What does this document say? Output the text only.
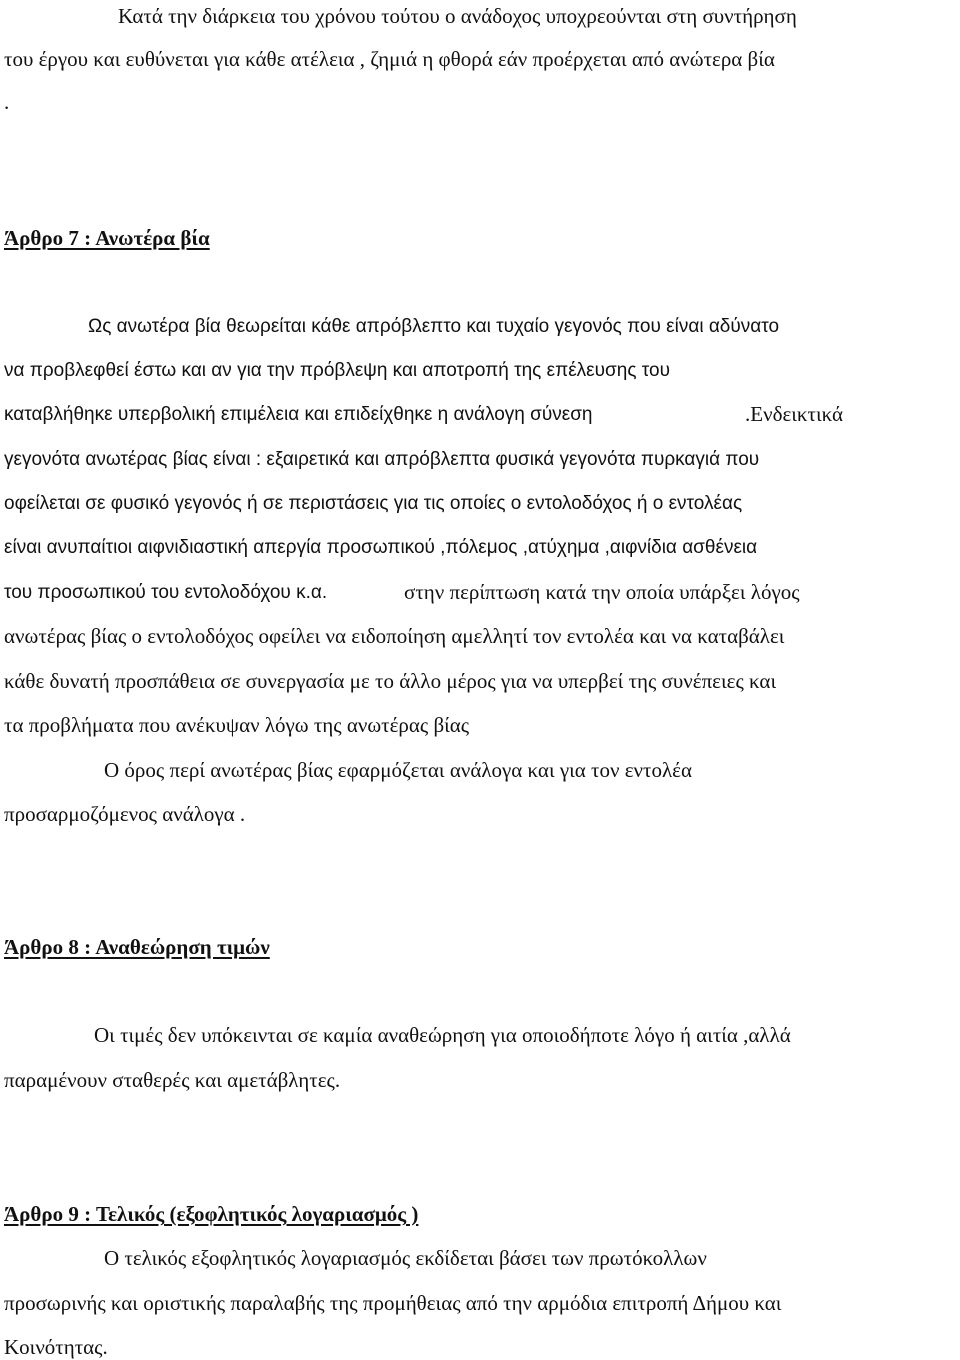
Κατά την διάρκεια του χρόνου τούτου ο ανάδοχος υποχρεούνται στη συντήρηση
του έργου και ευθύνεται για κάθε ατέλεια , ζημιά η φθορά εάν προέρχεται από ανώτερα βία
.
Άρθρο 7 : Ανωτέρα βία
Ως ανωτέρα βία θεωρείται κάθε απρόβλεπτο και τυχαίο γεγονός που είναι αδύνατο
να προβλεφθεί έστω και αν για την πρόβλεψη και αποτροπή της επέλευσης του
καταβλήθηκε υπερβολική επιμέλεια και επιδείχθηκε η ανάλογη σύνεση	.Ενδεικτικά
γεγονότα ανωτέρας βίας είναι : εξαιρετικά και απρόβλεπτα φυσικά γεγονότα πυρκαγιά που
οφείλεται σε φυσικό γεγονός ή σε περιστάσεις για τις οποίες ο εντολοδόχος ή ο εντολέας
είναι ανυπαίτιοι αιφνιδιαστική απεργία προσωπικού ,πόλεμος ,ατύχημα ,αιφνίδια ασθένεια
του προσωπικού του εντολοδόχου κ.α.	στην περίπτωση κατά την οποία υπάρξει λόγος
ανωτέρας βίας ο εντολοδόχος οφείλει να ειδοποίηση αμελλητί τον εντολέα και να καταβάλει
κάθε δυνατή προσπάθεια σε συνεργασία με το άλλο μέρος για να υπερβεί της συνέπειες και
τα προβλήματα που ανέκυψαν λόγω της ανωτέρας βίας
Ο όρος περί ανωτέρας βίας εφαρμόζεται ανάλογα και για τον εντολέα
προσαρμοζόμενος ανάλογα .
Άρθρο 8 : Αναθεώρηση τιμών
Οι τιμές δεν υπόκεινται σε καμία αναθεώρηση για οποιοδήποτε λόγο ή αιτία ,αλλά
παραμένουν σταθερές και αμετάβλητες.
Άρθρο 9 : Τελικός (εξοφλητικός λογαριασμός )
Ο τελικός εξοφλητικός λογαριασμός εκδίδεται βάσει των πρωτόκολλων
προσωρινής και οριστικής παραλαβής της προμήθειας από την αρμόδια επιτροπή Δήμου και
Κοινότητας.
